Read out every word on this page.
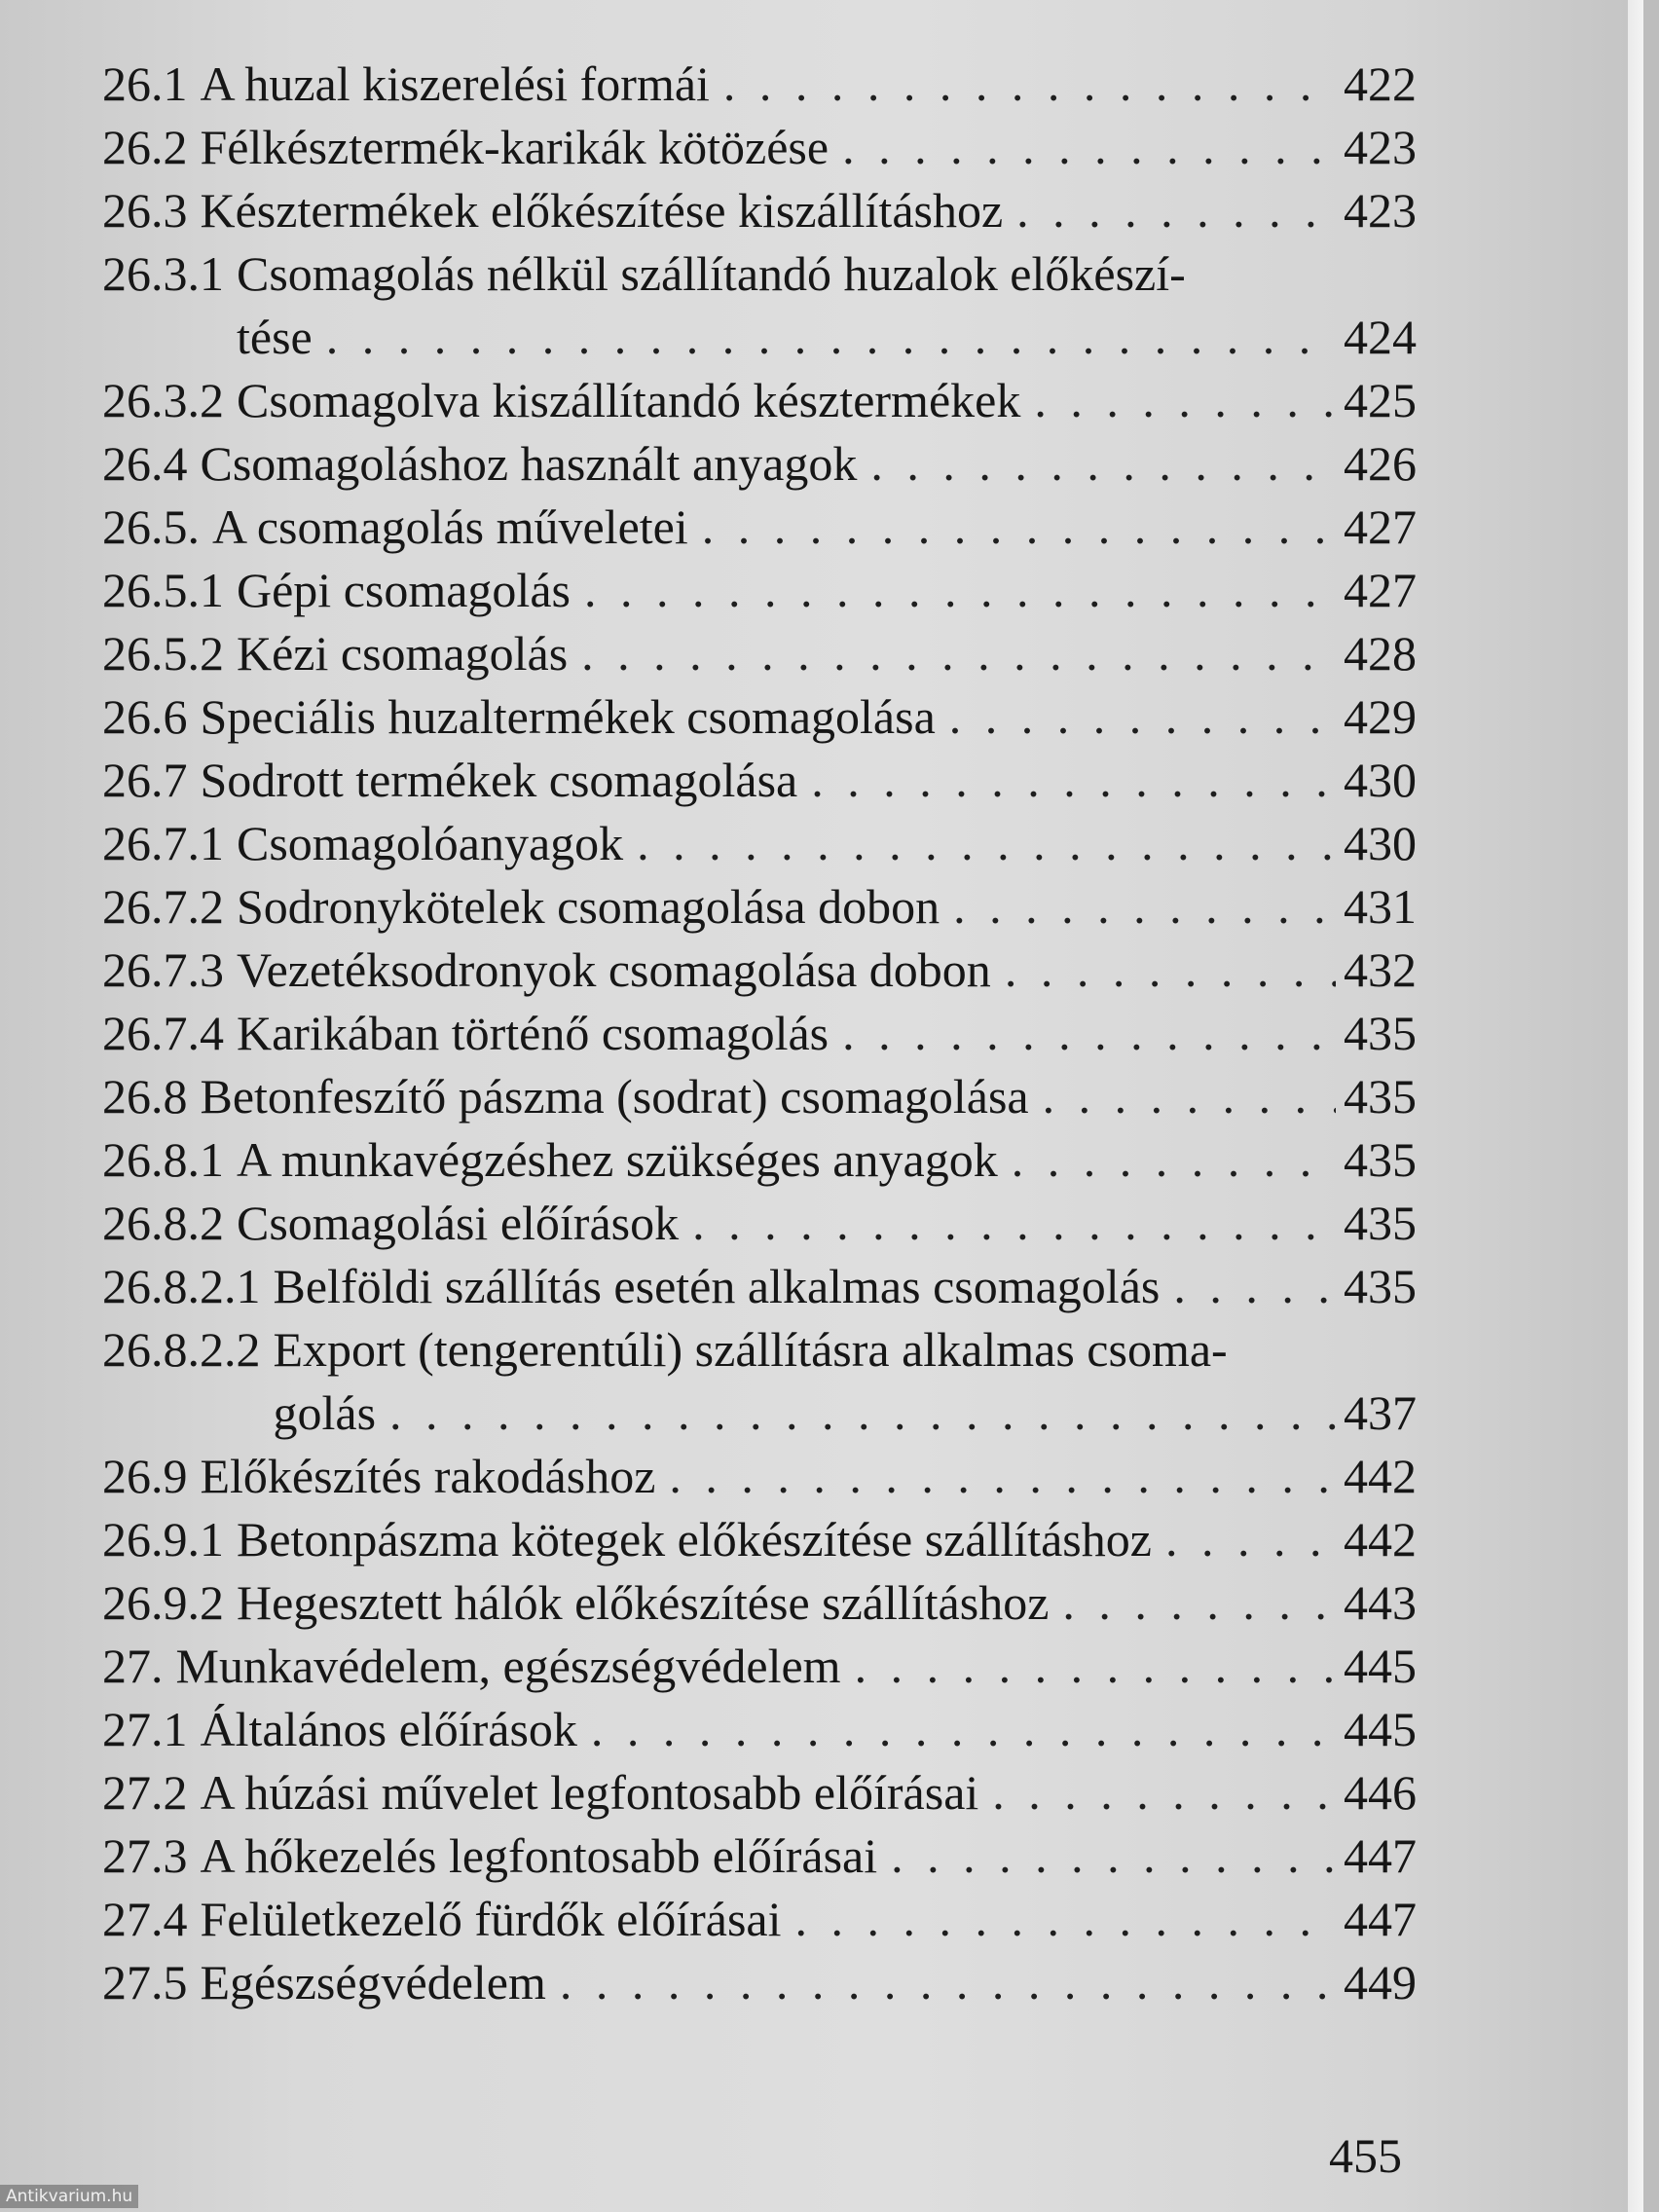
26.1 A huzal kiszerelési formái . . .	422
26.2 Félkésztermék-karikák kötözése . . .	423
26.3 Késztermékek előkészítése kiszállításhoz . . .	423
26.3.1 Csomagolás nélkül szállítandó huzalok előkészí-
tése . . .	424
26.3.2 Csomagolva kiszállítandó késztermékek . . .	425
26.4 Csomagoláshoz használt anyagok . . .	426
26.5. A csomagolás műveletei . . .	427
26.5.1 Gépi csomagolás . . .	427
26.5.2 Kézi csomagolás . . .	428
26.6 Speciális huzaltermékek csomagolása . . .	429
26.7 Sodrott termékek csomagolása . . .	430
26.7.1 Csomagolóanyagok . . .	430
26.7.2 Sodronykötelek csomagolása dobon . . .	431
26.7.3 Vezetéksodronyok csomagolása dobon . . .	432
26.7.4 Karikában történő csomagolás . . .	435
26.8 Betonfeszítő pászma (sodrat) csomagolása . . .	435
26.8.1 A munkavégzéshez szükséges anyagok . . .	435
26.8.2 Csomagolási előírások . . .	435
26.8.2.1 Belföldi szállítás esetén alkalmas csomagolás . . .	435
26.8.2.2 Export (tengerentúli) szállításra alkalmas csoma-
golás . . .	437
26.9 Előkészítés rakodáshoz . . .	442
26.9.1 Betonpászma kötegek előkészítése szállításhoz . . .	442
26.9.2 Hegesztett hálók előkészítése szállításhoz . . .	443
27. Munkavédelem, egészségvédelem . . .	445
27.1 Általános előírások . . .	445
27.2 A húzási művelet legfontosabb előírásai . . .	446
27.3 A hőkezelés legfontosabb előírásai . . .	447
27.4 Felületkezelő fürdők előírásai . . .	447
27.5 Egészségvédelem . . .	449
455
Antikvarium.hu
